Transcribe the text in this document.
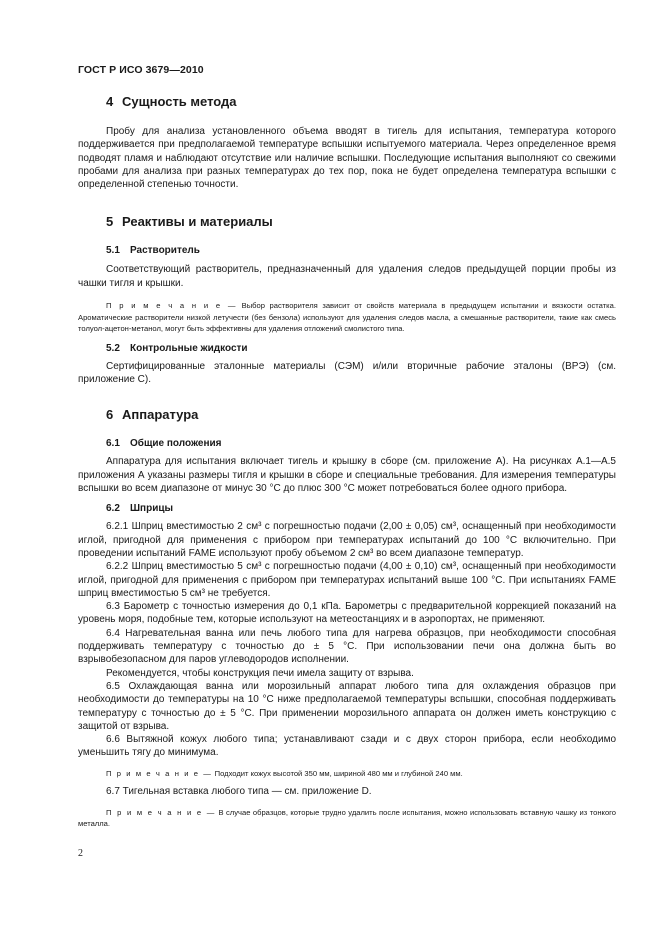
ГОСТ Р ИСО 3679—2010
4 Сущность метода

Пробу для анализа установленного объема вводят в тигель для испытания, температура которого поддерживается при предполагаемой температуре вспышки испытуемого материала. Через определенное время подводят пламя и наблюдают отсутствие или наличие вспышки. Последующие испытания выполняют со свежими пробами для анализа при разных температурах до тех пор, пока не будет определена температура вспышки с определенной степенью точности.

5 Реактивы и материалы
5.1 Растворитель

Соответствующий растворитель, предназначенный для удаления следов предыдущей порции пробы из чашки тигля и крышки.

П р и м е ч а н и е — Выбор растворителя зависит от свойств материала в предыдущем испытании и вязкости остатка. Ароматические растворители низкой летучести (без бензола) используют для удаления следов масла, а смешанные растворители, такие как смесь толуол-ацетон-метанол, могут быть эффективны для удаления отложений смолистого типа.

5.2 Контрольные жидкости

Сертифицированные эталонные материалы (СЭМ) и/или вторичные рабочие эталоны (ВРЭ) (см. приложение С).

6 Аппаратура
6.1 Общие положения

Аппаратура для испытания включает тигель и крышку в сборе (см. приложение А). На рисунках А.1—А.5 приложения А указаны размеры тигля и крышки в сборе и специальные требования. Для измерения температуры вспышки во всем диапазоне от минус 30 °С до плюс 300 °С может потребоваться более одного прибора.

6.2 Шприцы

6.2.1 Шприц вместимостью 2 см³ с погрешностью подачи (2,00 ± 0,05) см³, оснащенный при необходимости иглой, пригодной для применения с прибором при температурах испытаний до 100 °С включительно. При проведении испытаний FAME используют пробу объемом 2 см³ во всем диапазоне температур.

6.2.2 Шприц вместимостью 5 см³ с погрешностью подачи (4,00 ± 0,10) см³, оснащенный при необходимости иглой, пригодной для применения с прибором при температурах испытаний выше 100 °С. При испытаниях FAME шприц вместимостью 5 см³ не требуется.

6.3 Барометр с точностью измерения до 0,1 кПа. Барометры с предварительной коррекцией показаний на уровень моря, подобные тем, которые используют на метеостанциях и в аэропортах, не применяют.

6.4 Нагревательная ванна или печь любого типа для нагрева образцов, при необходимости способная поддерживать температуру с точностью до ± 5 °С. При использовании печи она должна быть во взрывобезопасном для паров углеводородов исполнении.

Рекомендуется, чтобы конструкция печи имела защиту от взрыва.

6.5 Охлаждающая ванна или морозильный аппарат любого типа для охлаждения образцов при необходимости до температуры на 10 °С ниже предполагаемой температуры вспышки, способная поддерживать температуру с точностью до ± 5 °С. При применении морозильного аппарата он должен иметь конструкцию с защитой от взрыва.

6.6 Вытяжной кожух любого типа; устанавливают сзади и с двух сторон прибора, если необходимо уменьшить тягу до минимума.

П р и м е ч а н и е — Подходит кожух высотой 350 мм, шириной 480 мм и глубиной 240 мм.

6.7 Тигельная вставка любого типа — см. приложение D.

П р и м е ч а н и е — В случае образцов, которые трудно удалить после испытания, можно использовать вставную чашку из тонкого металла.

2
